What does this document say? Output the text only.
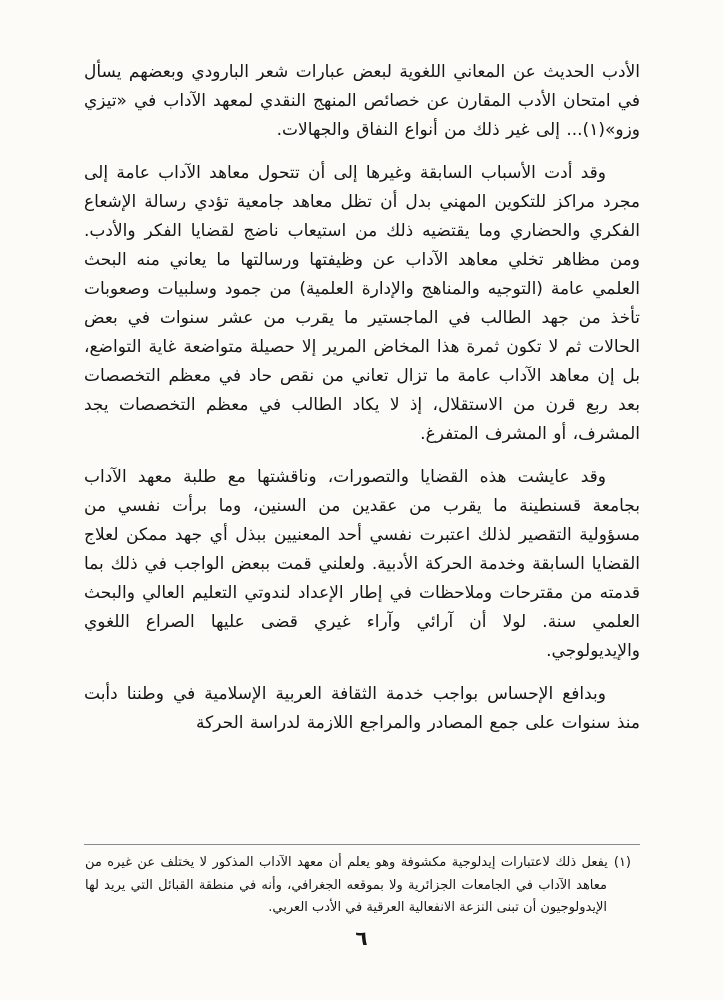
الأدب الحديث عن المعاني اللغوية لبعض عبارات شعر البارودي وبعضهم يسأل في امتحان الأدب المقارن عن خصائص المنهج النقدي لمعهد الآداب في «تيزي وزو»(١)... إلى غير ذلك من أنواع النفاق والجهالات.

وقد أدت الأسباب السابقة وغيرها إلى أن تتحول معاهد الآداب عامة إلى مجرد مراكز للتكوين المهني بدل أن تظل معاهد جامعية تؤدي رسالة الإشعاع الفكري والحضاري وما يقتضيه ذلك من استيعاب ناضج لقضايا الفكر والأدب. ومن مظاهر تخلي معاهد الآداب عن وظيفتها ورسالتها ما يعاني منه البحث العلمي عامة (التوجيه والمناهج والإدارة العلمية) من جمود وسلبيات وصعوبات تأخذ من جهد الطالب في الماجستير ما يقرب من عشر سنوات في بعض الحالات ثم لا تكون ثمرة هذا المخاض المرير إلا حصيلة متواضعة غاية التواضع، بل إن معاهد الآداب عامة ما تزال تعاني من نقص حاد في معظم التخصصات بعد ربع قرن من الاستقلال، إذ لا يكاد الطالب في معظم التخصصات يجد المشرف، أو المشرف المتفرغ.

وقد عايشت هذه القضايا والتصورات، وناقشتها مع طلبة معهد الآداب بجامعة قسنطينة ما يقرب من عقدين من السنين، وما برأت نفسي من مسؤولية التقصير لذلك اعتبرت نفسي أحد المعنيين ببذل أي جهد ممكن لعلاج القضايا السابقة وخدمة الحركة الأدبية. ولعلني قمت ببعض الواجب في ذلك بما قدمته من مقترحات وملاحظات في إطار الإعداد لندوتي التعليم العالي والبحث العلمي سنة. لولا أن آرائي وآراء غيري قضى عليها الصراع اللغوي والإيديولوجي.

وبدافع الإحساس بواجب خدمة الثقافة العربية الإسلامية في وطننا دأبت منذ سنوات على جمع المصادر والمراجع اللازمة لدراسة الحركة

(١)يفعل ذلك لاعتبارات إيدلوجية مكشوفة وهو يعلم أن معهد الآداب المذكور لا يختلف عن غيره من معاهد الآداب في الجامعات الجزائرية ولا بموقعه الجغرافي، وأنه في منطقة القبائل التي يريد لها الإيدولوجيون أن تبنى النزعة الانفعالية العرقية في الأدب العربي.
٦
